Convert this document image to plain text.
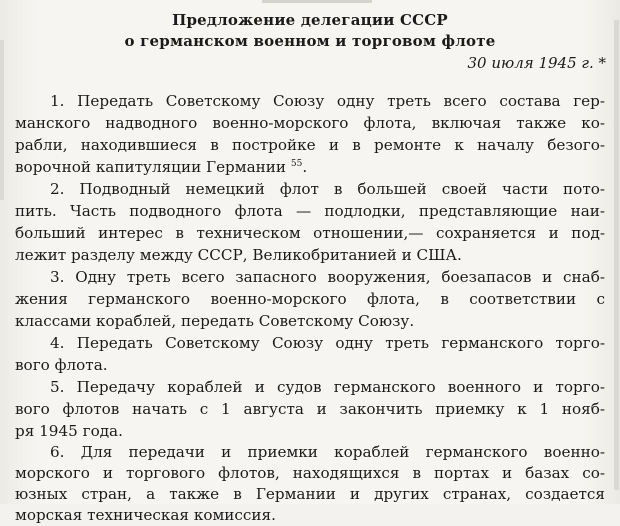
Предложение делегации СССР
о германском военном и торговом флоте
30 июля 1945 г. *
1. Передать Советскому Союзу одну треть всего состава гер-
манского надводного военно-морского флота, включая также ко-
рабли, находившиеся в постройке и в ремонте к началу безого-
ворочной капитуляции Германии $^{55}$.
2. Подводный немецкий флот в большей своей части потo-
пить. Часть подводного флота — подлодки, представляющие наи-
больший интерес в техническом отношении,— сохраняется и под-
лежит разделу между СССР, Великобританией и США.
3. Одну треть всего запасного вооружения, боезапасов и снаб-
жения германского военно-морского флота, в соответствии с
классами кораблей, передать Советскому Союзу.
4. Передать Советскому Союзу одну треть германского торго-
вого флота.
5. Передачу кораблей и судов германского военного и торго-
вого флотов начать с 1 августа и закончить приемку к 1 нояб-
ря 1945 года.
6. Для передачи и приемки кораблей германского военно-
морского и торгового флотов, находящихся в портах и базах со-
юзных стран, а также в Германии и других странах, создается
морская техническая комиссия.
